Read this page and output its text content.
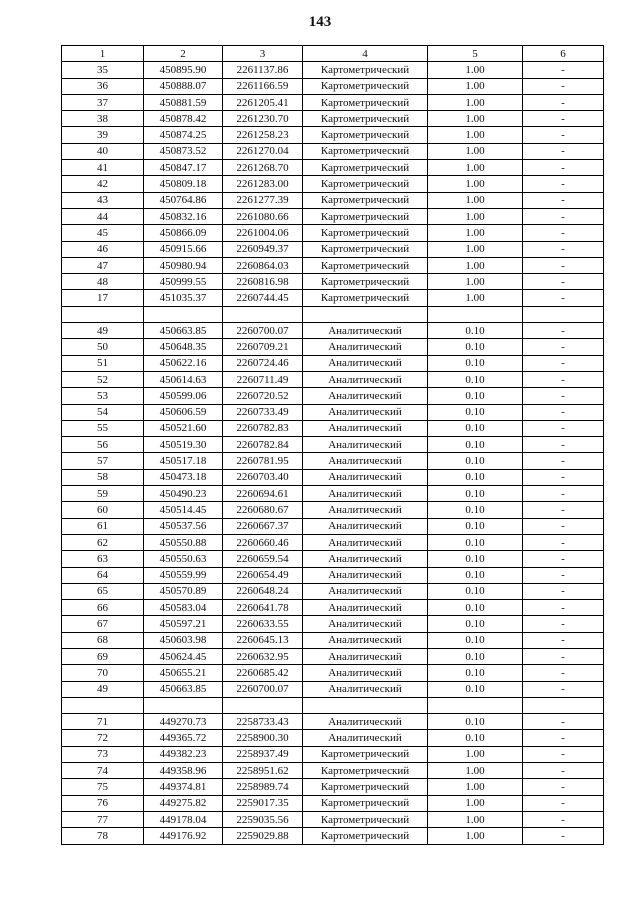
143
1	2	3	4	5	6
35	450895.90	2261137.86	Картометрический	1.00	-
36	450888.07	2261166.59	Картометрический	1.00	-
37	450881.59	2261205.41	Картометрический	1.00	-
38	450878.42	2261230.70	Картометрический	1.00	-
39	450874.25	2261258.23	Картометрический	1.00	-
40	450873.52	2261270.04	Картометрический	1.00	-
41	450847.17	2261268.70	Картометрический	1.00	-
42	450809.18	2261283.00	Картометрический	1.00	-
43	450764.86	2261277.39	Картометрический	1.00	-
44	450832.16	2261080.66	Картометрический	1.00	-
45	450866.09	2261004.06	Картометрический	1.00	-
46	450915.66	2260949.37	Картометрический	1.00	-
47	450980.94	2260864.03	Картометрический	1.00	-
48	450999.55	2260816.98	Картометрический	1.00	-
17	451035.37	2260744.45	Картометрический	1.00	-

49	450663.85	2260700.07	Аналитический	0.10	-
50	450648.35	2260709.21	Аналитический	0.10	-
51	450622.16	2260724.46	Аналитический	0.10	-
52	450614.63	2260711.49	Аналитический	0.10	-
53	450599.06	2260720.52	Аналитический	0.10	-
54	450606.59	2260733.49	Аналитический	0.10	-
55	450521.60	2260782.83	Аналитический	0.10	-
56	450519.30	2260782.84	Аналитический	0.10	-
57	450517.18	2260781.95	Аналитический	0.10	-
58	450473.18	2260703.40	Аналитический	0.10	-
59	450490.23	2260694.61	Аналитический	0.10	-
60	450514.45	2260680.67	Аналитический	0.10	-
61	450537.56	2260667.37	Аналитический	0.10	-
62	450550.88	2260660.46	Аналитический	0.10	-
63	450550.63	2260659.54	Аналитический	0.10	-
64	450559.99	2260654.49	Аналитический	0.10	-
65	450570.89	2260648.24	Аналитический	0.10	-
66	450583.04	2260641.78	Аналитический	0.10	-
67	450597.21	2260633.55	Аналитический	0.10	-
68	450603.98	2260645.13	Аналитический	0.10	-
69	450624.45	2260632.95	Аналитический	0.10	-
70	450655.21	2260685.42	Аналитический	0.10	-
49	450663.85	2260700.07	Аналитический	0.10	-

71	449270.73	2258733.43	Аналитический	0.10	-
72	449365.72	2258900.30	Аналитический	0.10	-
73	449382.23	2258937.49	Картометрический	1.00	-
74	449358.96	2258951.62	Картометрический	1.00	-
75	449374.81	2258989.74	Картометрический	1.00	-
76	449275.82	2259017.35	Картометрический	1.00	-
77	449178.04	2259035.56	Картометрический	1.00	-
78	449176.92	2259029.88	Картометрический	1.00	-
